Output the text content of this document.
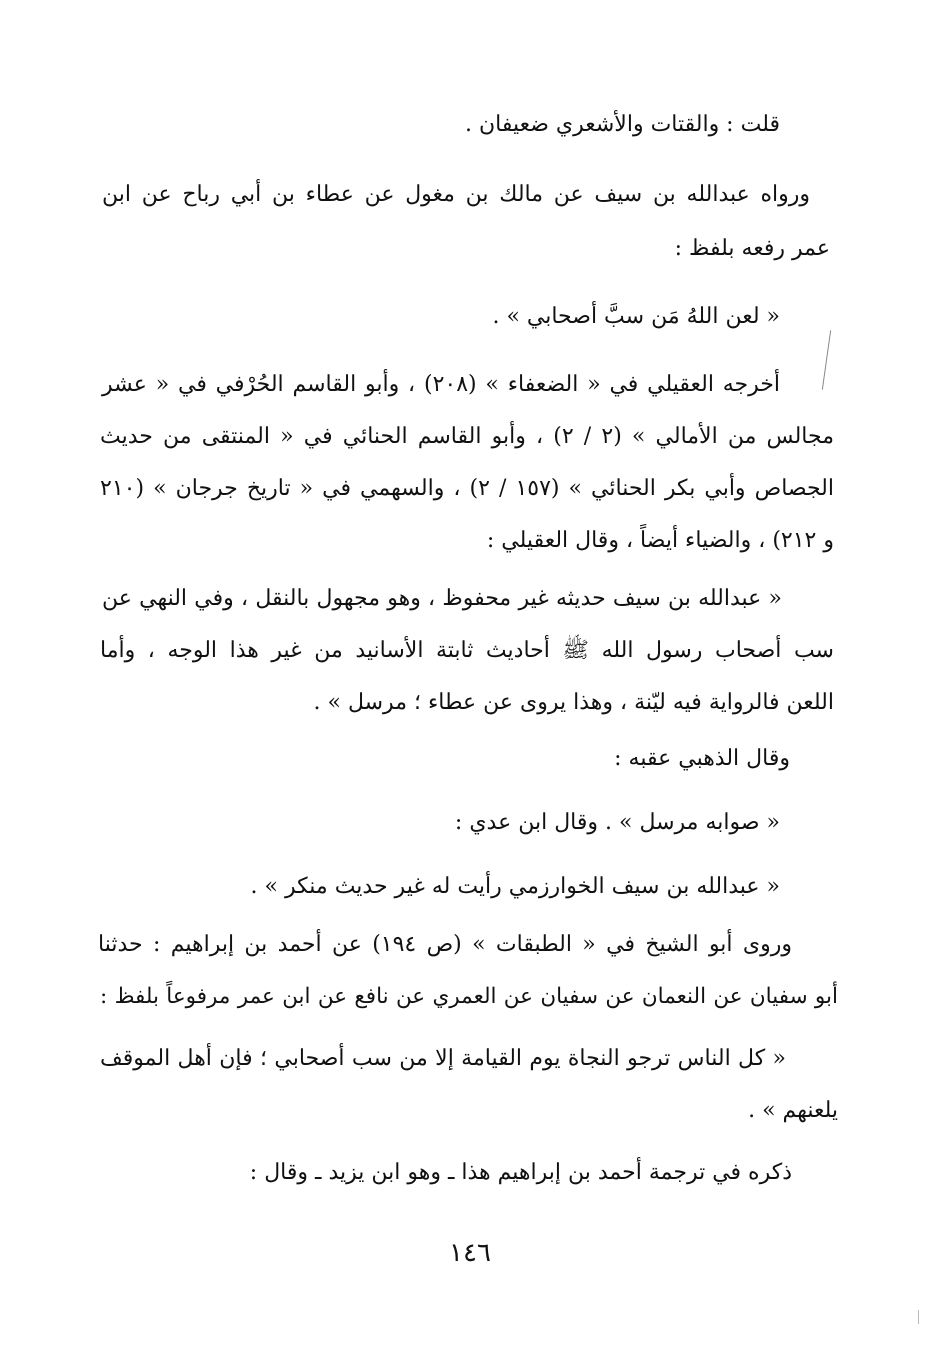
قلت : والقتات والأشعري ضعيفان .
ورواه عبدالله بن سيف عن مالك بن مغول عن عطاء بن أبي رباح عن ابن
عمر رفعه بلفظ :
« لعن اللهُ مَن سبَّ أصحابي » .
أخرجه العقيلي في « الضعفاء » (٢٠٨) ، وأبو القاسم الحُرْفي في « عشر
مجالس من الأمالي » (٢ / ٢) ، وأبو القاسم الحنائي في « المنتقى من حديث
الجصاص وأبي بكر الحنائي » (١٥٧ / ٢) ، والسهمي في « تاريخ جرجان » (٢١٠
و ٢١٢) ، والضياء أيضاً ، وقال العقيلي :
« عبدالله بن سيف حديثه غير محفوظ ، وهو مجهول بالنقل ، وفي النهي عن
سب أصحاب رسول الله ﷺ أحاديث ثابتة الأسانيد من غير هذا الوجه ، وأما
اللعن فالرواية فيه ليّنة ، وهذا يروى عن عطاء ؛ مرسل » .
وقال الذهبي عقبه :
« صوابه مرسل » . وقال ابن عدي :
« عبدالله بن سيف الخوارزمي رأيت له غير حديث منكر » .
وروى أبو الشيخ في « الطبقات » (ص ١٩٤) عن أحمد بن إبراهيم : حدثنا
أبو سفيان عن النعمان عن سفيان عن العمري عن نافع عن ابن عمر مرفوعاً بلفظ :
« كل الناس ترجو النجاة يوم القيامة إلا من سب أصحابي ؛ فإن أهل الموقف
يلعنهم » .
ذكره في ترجمة أحمد بن إبراهيم هذا ـ وهو ابن يزيد ـ وقال :
١٤٦
